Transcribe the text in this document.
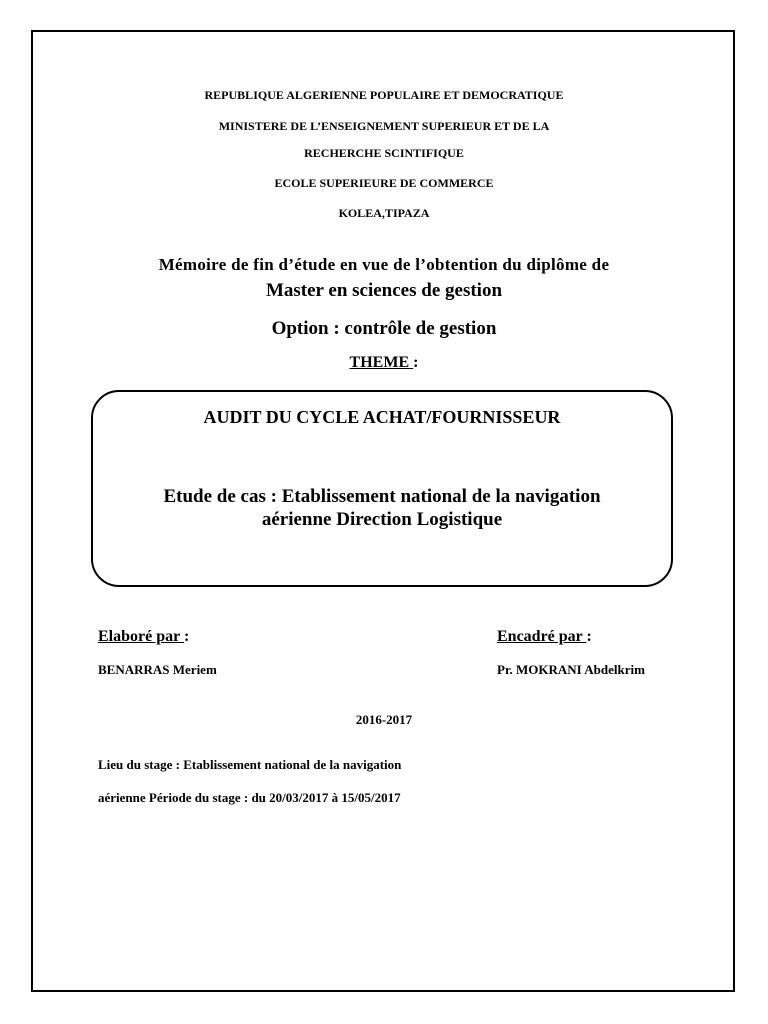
REPUBLIQUE ALGERIENNE POPULAIRE ET DEMOCRATIQUE
MINISTERE DE L’ENSEIGNEMENT SUPERIEUR ET DE LA
RECHERCHE SCINTIFIQUE
ECOLE SUPERIEURE DE COMMERCE
KOLEA,TIPAZA
Mémoire de fin d’étude en vue de l’obtention du diplôme de
Master en sciences de gestion
Option : contrôle de gestion
THEME :
AUDIT DU CYCLE ACHAT/FOURNISSEUR
Etude de cas : Etablissement national de la navigation
aérienne Direction Logistique
Elaboré par :
BENARRAS Meriem
Encadré par :
Pr. MOKRANI Abdelkrim
2016-2017
Lieu du stage : Etablissement national de la navigation
aérienne Période du stage : du 20/03/2017 à 15/05/2017
